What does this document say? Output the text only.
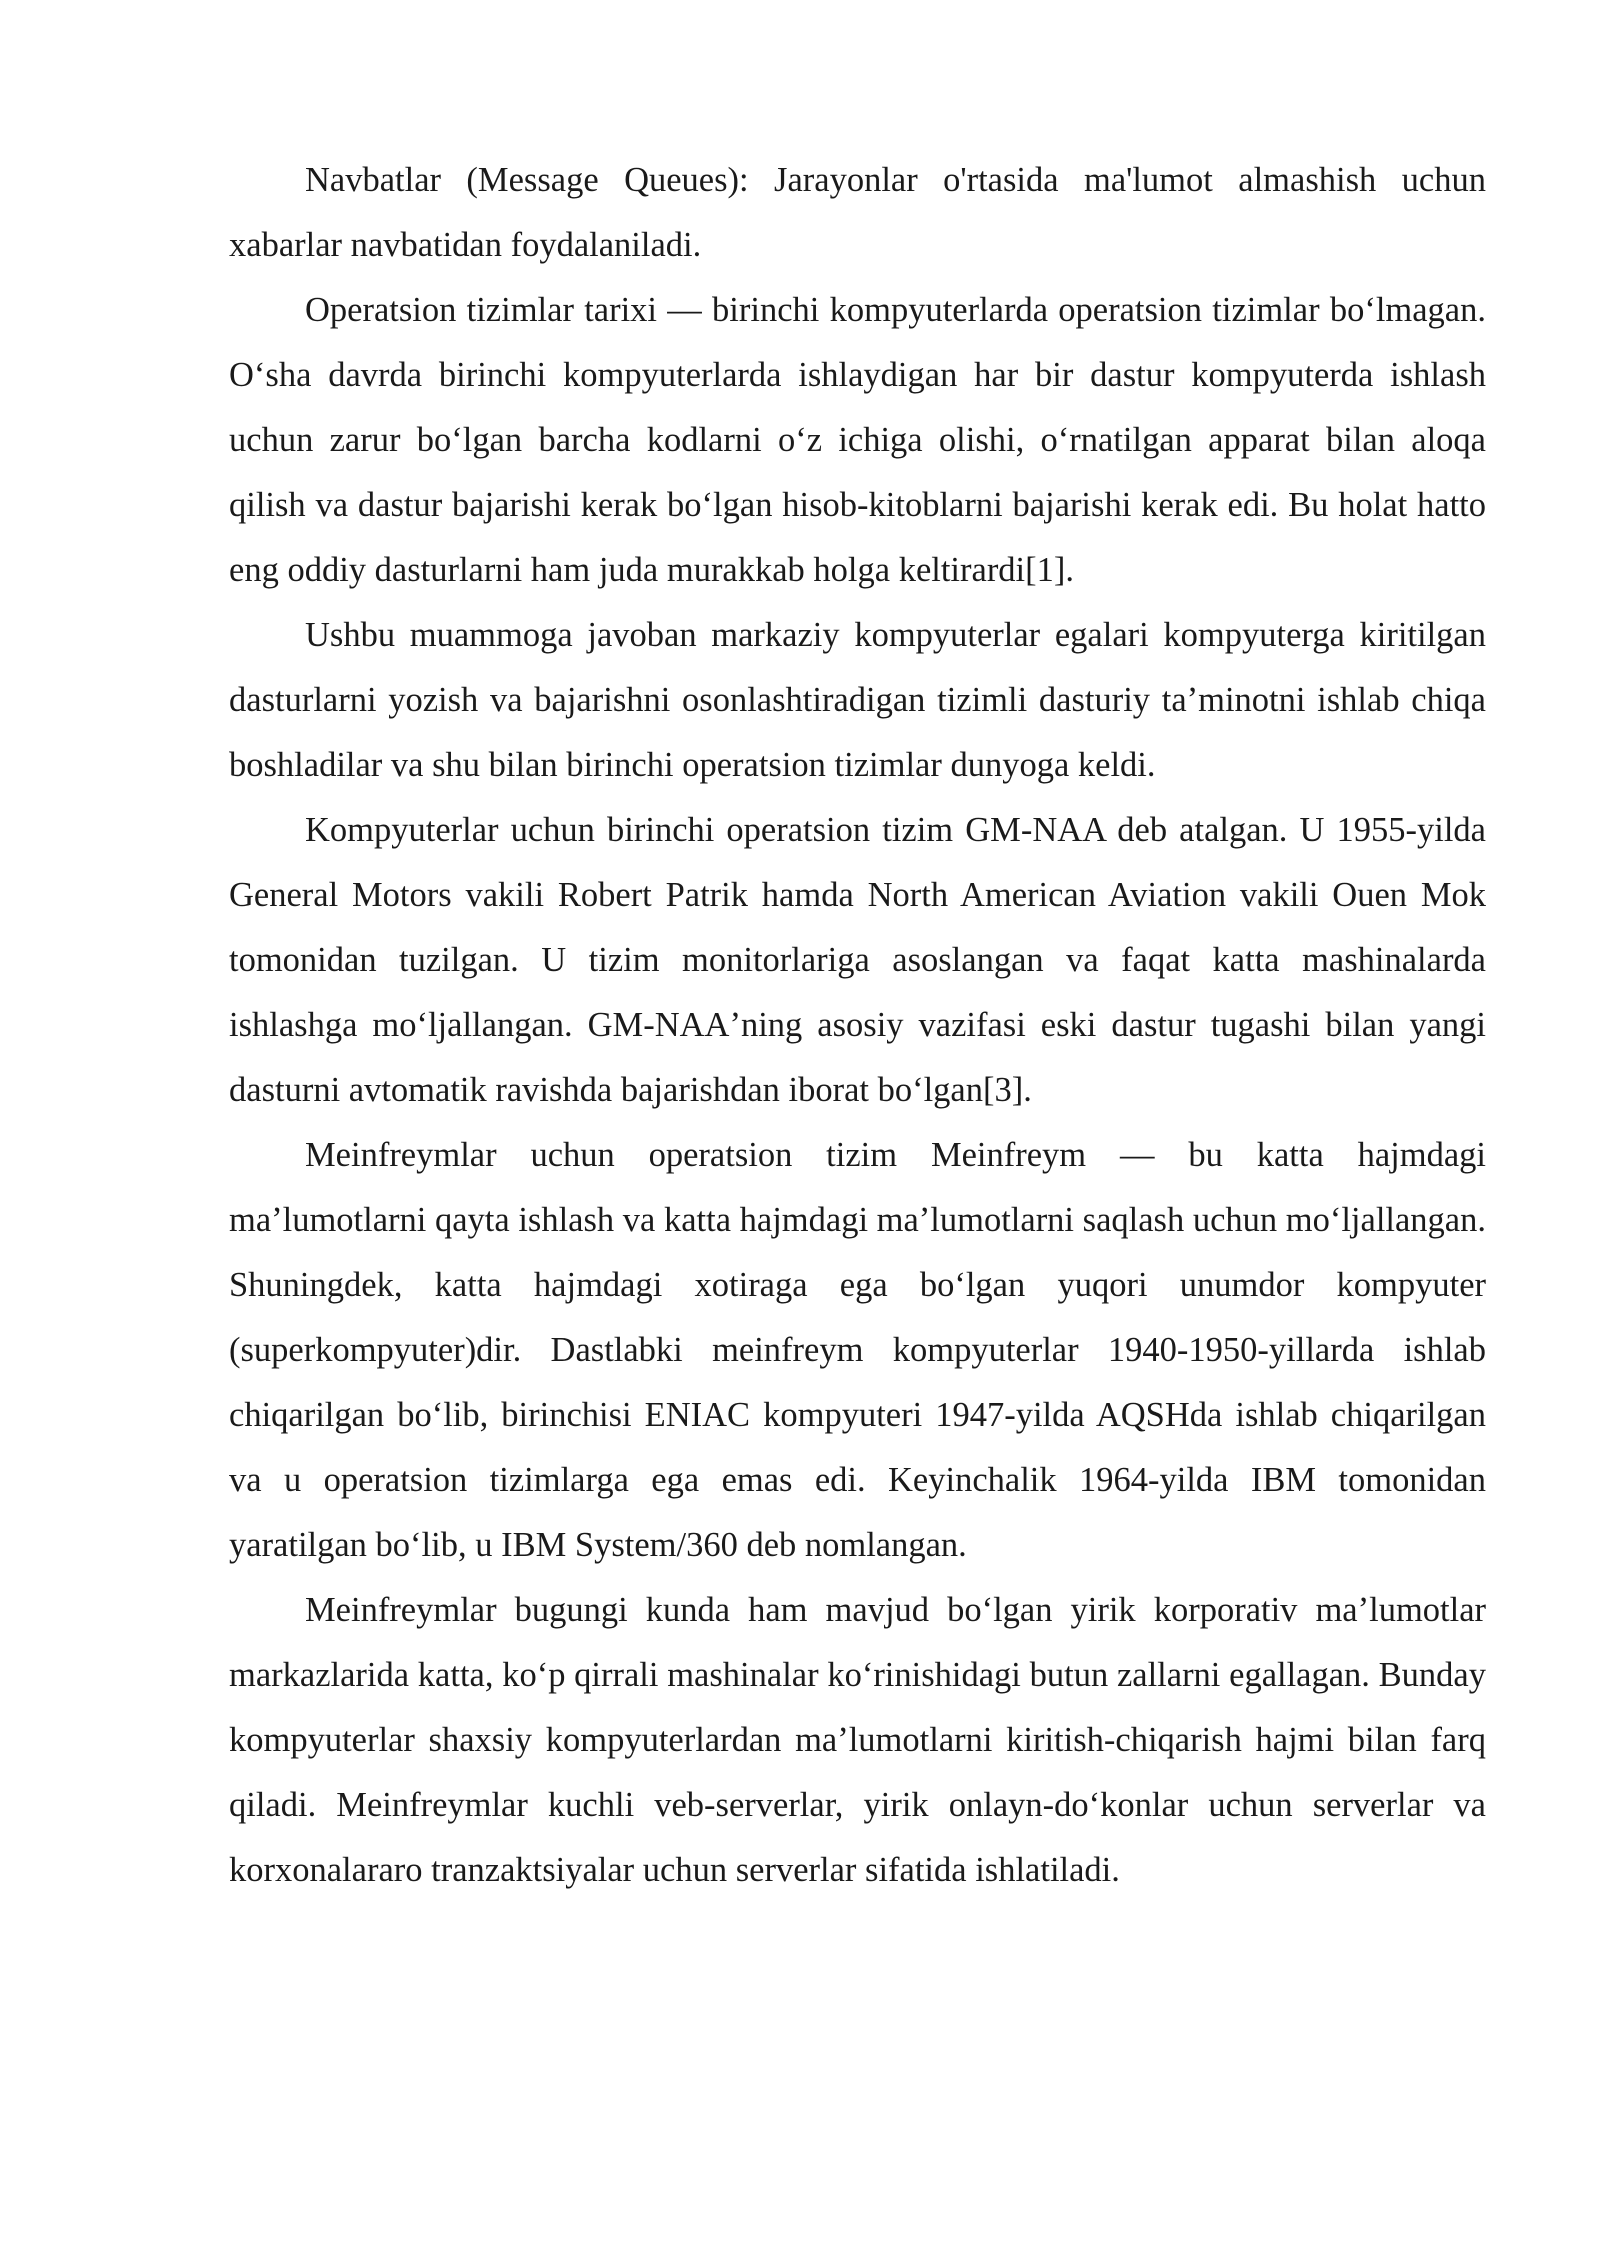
Navbatlar (Message Queues): Jarayonlar o'rtasida ma'lumot almashish uchun xabarlar navbatidan foydalaniladi.

Operatsion tizimlar tarixi — birinchi kompyuterlarda operatsion tizimlar boʻlmagan. Oʻsha davrda birinchi kompyuterlarda ishlaydigan har bir dastur kompyuterda ishlash uchun zarur boʻlgan barcha kodlarni oʻz ichiga olishi, oʻrnatilgan apparat bilan aloqa qilish va dastur bajarishi kerak boʻlgan hisob-kitoblarni bajarishi kerak edi. Bu holat hatto eng oddiy dasturlarni ham juda murakkab holga keltirardi[1].

Ushbu muammoga javoban markaziy kompyuterlar egalari kompyuterga kiritilgan dasturlarni yozish va bajarishni osonlashtiradigan tizimli dasturiy taʼminotni ishlab chiqa boshladilar va shu bilan birinchi operatsion tizimlar dunyoga keldi.

Kompyuterlar uchun birinchi operatsion tizim GM-NAA deb atalgan. U 1955-yilda General Motors vakili Robert Patrik hamda North American Aviation vakili Ouen Mok tomonidan tuzilgan. U tizim monitorlariga asoslangan va faqat katta mashinalarda ishlashga moʻljallangan. GM-NAAʼning asosiy vazifasi eski dastur tugashi bilan yangi dasturni avtomatik ravishda bajarishdan iborat boʻlgan[3].

Meinfreymlar uchun operatsion tizim Meinfreym — bu katta hajmdagi maʼlumotlarni qayta ishlash va katta hajmdagi maʼlumotlarni saqlash uchun moʻljallangan. Shuningdek, katta hajmdagi xotiraga ega boʻlgan yuqori unumdor kompyuter (superkompyuter)dir. Dastlabki meinfreym kompyuterlar 1940-1950-yillarda ishlab chiqarilgan boʻlib, birinchisi ENIAC kompyuteri 1947-yilda AQSHda ishlab chiqarilgan va u operatsion tizimlarga ega emas edi. Keyinchalik 1964-yilda IBM tomonidan yaratilgan boʻlib, u IBM System/360 deb nomlangan.

Meinfreymlar bugungi kunda ham mavjud boʻlgan yirik korporativ maʼlumotlar markazlarida katta, koʻp qirrali mashinalar koʻrinishidagi butun zallarni egallagan. Bunday kompyuterlar shaxsiy kompyuterlardan maʼlumotlarni kiritish-chiqarish hajmi bilan farq qiladi. Meinfreymlar kuchli veb-serverlar, yirik onlayn-doʻkonlar uchun serverlar va korxonalararo tranzaktsiyalar uchun serverlar sifatida ishlatiladi.
